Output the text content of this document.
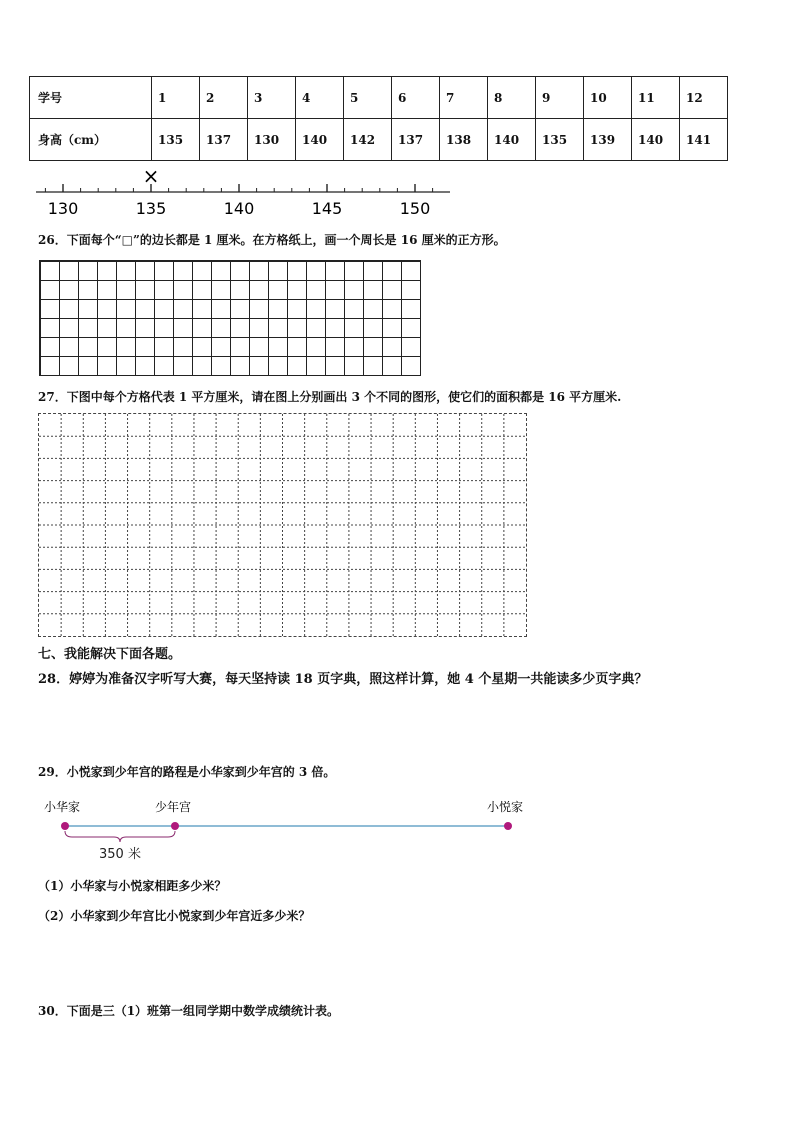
学号	1	2	3	4	5	6	7	8	9	10	11	12
身高（cm）	135	137	130	140	142	137	138	140	135	139	140	141
130	135	140	145	150
×
26．下面每个“□”的边长都是 1 厘米。在方格纸上，画一个周长是 16 厘米的正方形。
27．下图中每个方格代表 1 平方厘米，请在图上分别画出 3 个不同的图形，使它们的面积都是 16 平方厘米.
七、我能解决下面各题。
28．婷婷为准备汉字听写大赛，每天坚持读 18 页字典，照这样计算，她 4 个星期一共能读多少页字典？
29．小悦家到少年宫的路程是小华家到少年宫的 3 倍。
小华家	少年宫	小悦家
350 米
（1）小华家与小悦家相距多少米？
（2）小华家到少年宫比小悦家到少年宫近多少米？
30．下面是三（1）班第一组同学期中数学成绩统计表。
